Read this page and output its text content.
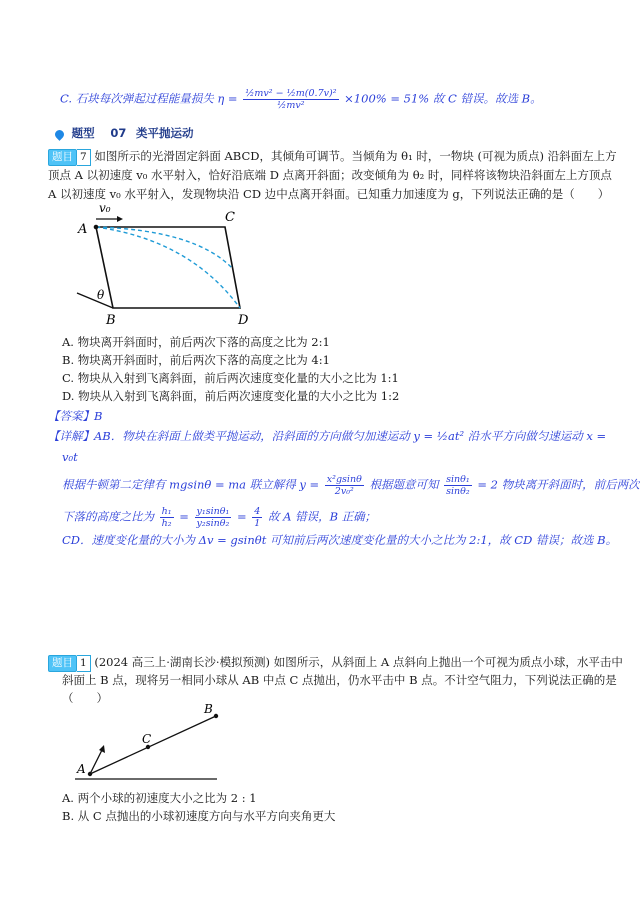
C. 石块每次弹起过程能量损失 $\eta = \frac{\text{½mv² − ½m(0.7v)²}}{\text{½mv²}} \times 100\% = 51\%$ 故 C 错误。故选 B。
题型 07 类平抛运动
题目 7 如图所示的光滑固定斜面 ABCD，其倾角可调节。当倾角为 θ₁ 时，一物块 (可视为质点) 沿斜面左上方
顶点 A 以初速度 v₀ 水平射入，恰好沿底端 D 点离开斜面；改变倾角为 θ₂ 时，同样将该物块沿斜面左上方顶点
A 以初速度 v₀ 水平射入，发现物块沿 CD 边中点离开斜面。已知重力加速度为 g，下列说法正确的是（　　）
v₀
A
C
θ
B	D
A. 物块离开斜面时，前后两次下落的高度之比为 2:1
B. 物块离开斜面时，前后两次下落的高度之比为 4:1
C. 物块从入射到飞离斜面，前后两次速度变化量的大小之比为 1:1
D. 物块从入射到飞离斜面，前后两次速度变化量的大小之比为 1:2
【答案】B
【详解】AB．物块在斜面上做类平抛运动，沿斜面的方向做匀加速运动 y = ½at² 沿水平方向做匀速运动 x =
v₀t
根据牛顿第二定律有 mgsinθ = ma 联立解得 $y = \frac{\text{x²gsinθ}}{\text{2v₀²}}$ 根据题意可知 $\frac{\text{sinθ₁}}{\text{sinθ₂}} = 2$ 物块离开斜面时，前后两次
下落的高度之比为 $\frac{\text{h₁}}{\text{h₂}} = \frac{\text{y₁sinθ₁}}{\text{y₂sinθ₂}} = \frac{4}{1}$ 故 A 错误，B 正确；
CD．速度变化量的大小为 Δv = gsinθt 可知前后两次速度变化量的大小之比为 2:1，故 CD 错误；故选 B。
题目 1 (2024 高三上·湖南长沙·模拟预测) 如图所示，从斜面上 A 点斜向上抛出一个可视为质点小球，水平击中
斜面上 B 点，现将另一相同小球从 AB 中点 C 点抛出，仍水平击中 B 点。不计空气阻力，下列说法正确的是
（　　）
A
C
B
A. 两个小球的初速度大小之比为 2 : 1
B. 从 C 点抛出的小球初速度方向与水平方向夹角更大
